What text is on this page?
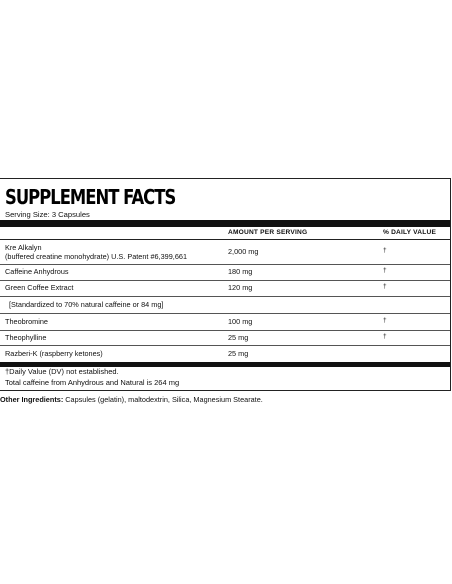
SUPPLEMENT FACTS
Serving Size: 3 Capsules
AMOUNT PER SERVING	% DAILY VALUE
Kre Alkalyn
(buffered creatine monohydrate) U.S. Patent #6,399,661
2,000 mg	†
Caffeine Anhydrous	180 mg	†
Green Coffee Extract	120 mg	†
[Standardized to 70% natural caffeine or 84 mg]
Theobromine	100 mg	†
Theophylline	25 mg	†
Razberi-K (raspberry ketones)	25 mg
†Daily Value (DV) not established.
Total caffeine from Anhydrous and Natural is 264 mg
Other Ingredients: Capsules (gelatin), maltodextrin, Silica, Magnesium Stearate.
